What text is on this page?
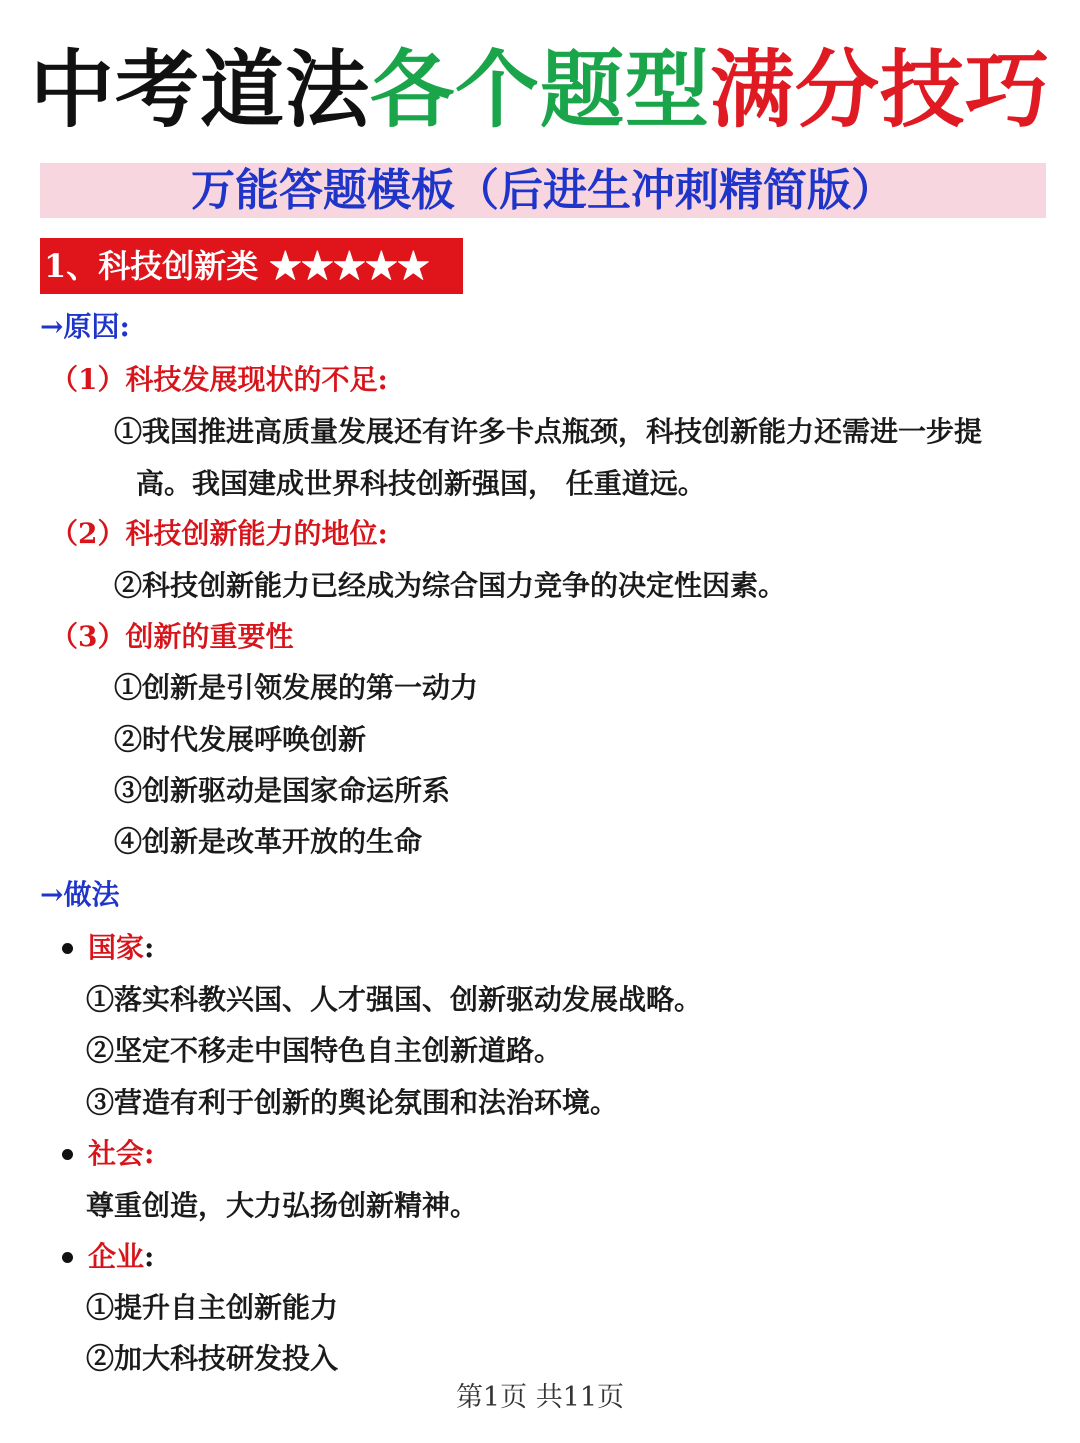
中考道法各个题型满分技巧
万能答题模板（后进生冲刺精简版）
1、科技创新类 ★★★★★
→原因:
（1）科技发展现状的不足:
①我国推进高质量发展还有许多卡点瓶颈，科技创新能力还需进一步提
高。我国建成世界科技创新强国， 任重道远。
（2）科技创新能力的地位:
②科技创新能力已经成为综合国力竞争的决定性因素。
（3）创新的重要性
①创新是引领发展的第一动力
②时代发展呼唤创新
③创新驱动是国家命运所系
④创新是改革开放的生命
→做法
国家:
①落实科教兴国、人才强国、创新驱动发展战略。
②坚定不移走中国特色自主创新道路。
③营造有利于创新的舆论氛围和法治环境。
社会:
尊重创造，大力弘扬创新精神。
企业:
①提升自主创新能力
②加大科技研发投入
第1页 共11页
